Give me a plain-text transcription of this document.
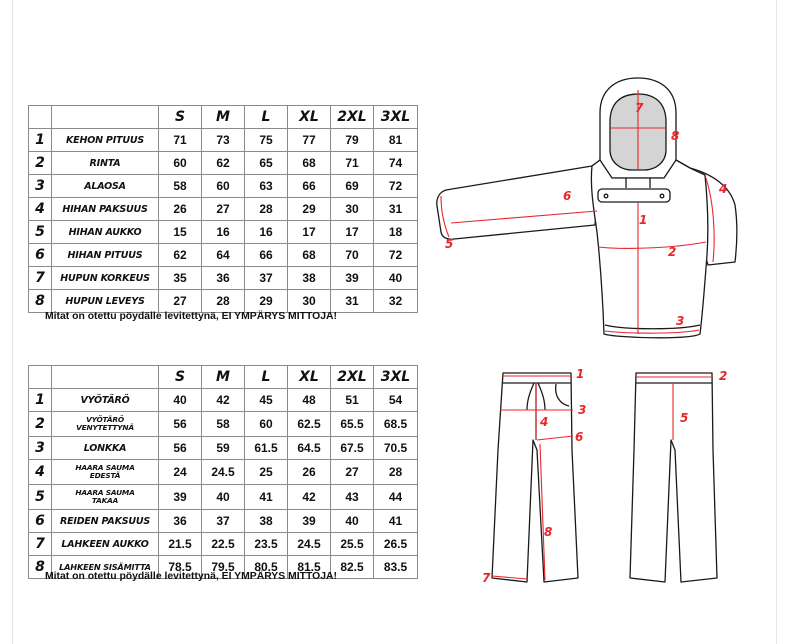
		S	M	L	XL	2XL	3XL
1	KEHON PITUUS	71	73	75	77	79	81
2	RINTA	60	62	65	68	71	74
3	ALAOSA	58	60	63	66	69	72
4	HIHAN PAKSUUS	26	27	28	29	30	31
5	HIHAN AUKKO	15	16	16	17	17	18
6	HIHAN PITUUS	62	64	66	68	70	72
7	HUPUN KORKEUS	35	36	37	38	39	40
8	HUPUN LEVEYS	27	28	29	30	31	32
Mitat on otettu pöydälle levitettynä, EI YMPÄRYS MITTOJA!
		S	M	L	XL	2XL	3XL
1	VYÖTÄRÖ	40	42	45	48	51	54
2	VYÖTÄRÖ
VENYTETTYNÄ	56	58	60	62.5	65.5	68.5
3	LONKKA	56	59	61.5	64.5	67.5	70.5
4	HAARA SAUMA
EDESTÄ	24	24.5	25	26	27	28
5	HAARA SAUMA
TAKAA	39	40	41	42	43	44
6	REIDEN PAKSUUS	36	37	38	39	40	41
7	LAHKEEN AUKKO	21.5	22.5	23.5	24.5	25.5	26.5
8	LAHKEEN SISÄMITTA	78.5	79.5	80.5	81.5	82.5	83.5
Mitat on otettu pöydälle levitettynä, EI YMPÄRYS MITTOJA!
1
2
3
4
5
6
7
8
1
3
4
6
8
7
2
5
